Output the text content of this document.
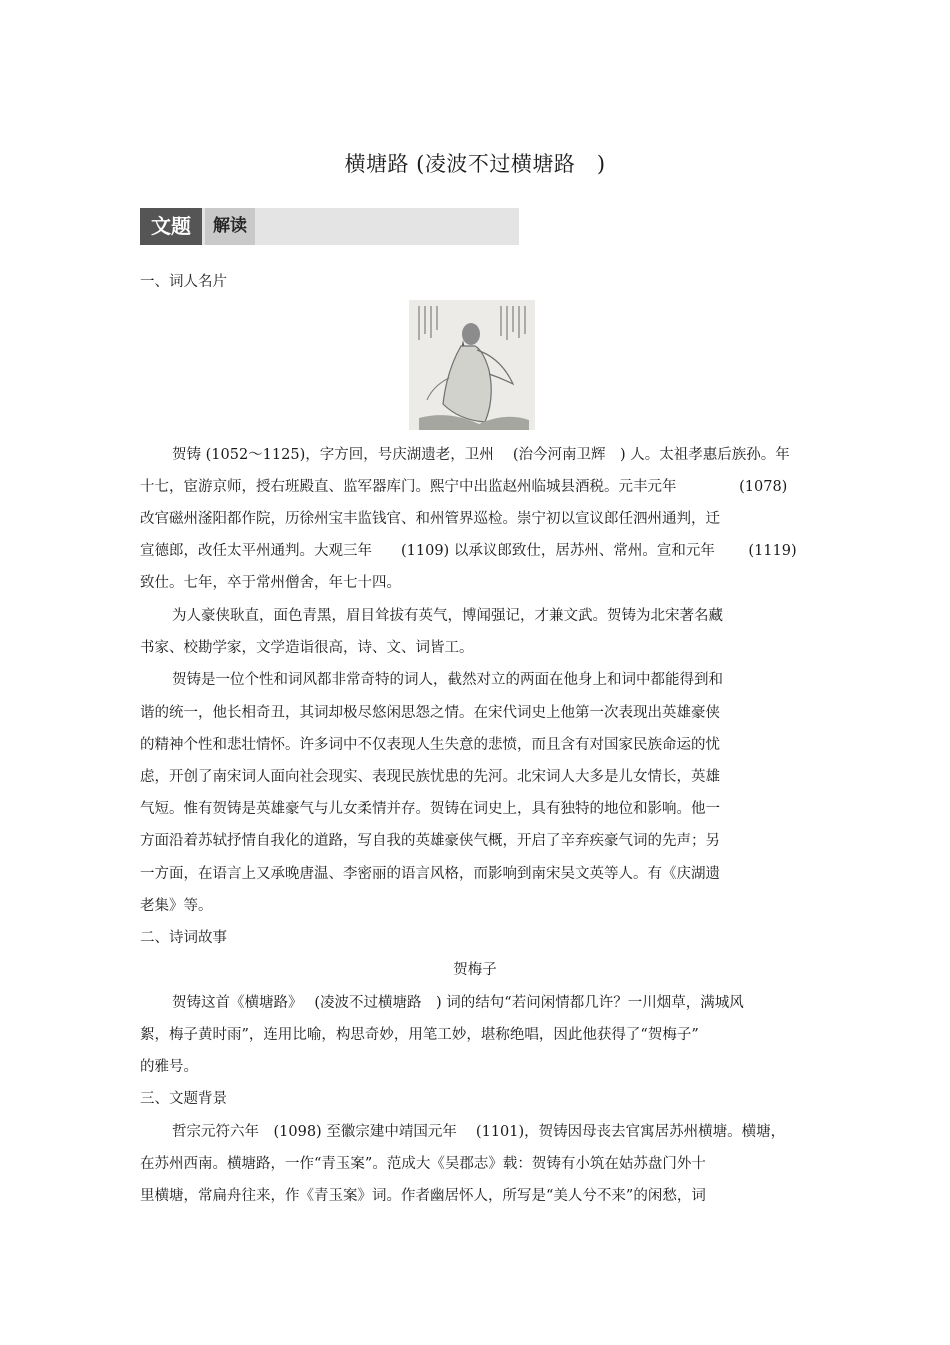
横塘路 (凌波不过横塘路　)
文题	解读
一、词人名片
贺铸 (1052～1125)，字方回，号庆湖遗老，卫州　 (治今河南卫辉　) 人。太祖孝惠后族孙。年
十七，宦游京师，授右班殿直、监军器库门。熙宁中出监赵州临城县酒税。元丰元年　　　　 (1078)
改官磁州滏阳都作院，历徐州宝丰监钱官、和州管界巡检。崇宁初以宣议郎任泗州通判，迁
宣德郎，改任太平州通判。大观三年　　(1109) 以承议郎致仕，居苏州、常州。宣和元年　　 (1119)
致仕。七年，卒于常州僧舍，年七十四。
为人豪侠耿直，面色青黑，眉目耸拔有英气，博闻强记，才兼文武。贺铸为北宋著名藏
书家、校勘学家，文学造诣很高，诗、文、词皆工。
贺铸是一位个性和词风都非常奇特的词人，截然对立的两面在他身上和词中都能得到和
谐的统一，他长相奇丑，其词却极尽悠闲思怨之情。在宋代词史上他第一次表现出英雄豪侠
的精神个性和悲壮情怀。许多词中不仅表现人生失意的悲愤，而且含有对国家民族命运的忧
虑，开创了南宋词人面向社会现实、表现民族忧患的先河。北宋词人大多是儿女情长，英雄
气短。惟有贺铸是英雄豪气与儿女柔情并存。贺铸在词史上，具有独特的地位和影响。他一
方面沿着苏轼抒情自我化的道路，写自我的英雄豪侠气概，开启了辛弃疾豪气词的先声；另
一方面，在语言上又承晚唐温、李密丽的语言风格，而影响到南宋吴文英等人。有《庆湖遗
老集》等。
二、诗词故事
贺梅子
贺铸这首《横塘路》　 (凌波不过横塘路　) 词的结句“若问闲情都几许？一川烟草，满城风
絮，梅子黄时雨”，连用比喻，构思奇妙，用笔工妙，堪称绝唱，因此他获得了“贺梅子”
的雅号。
三、文题背景
哲宗元符六年　(1098) 至徽宗建中靖国元年　 (1101)，贺铸因母丧去官寓居苏州横塘。横塘，
在苏州西南。横塘路，一作“青玉案”。范成大《吴郡志》载：贺铸有小筑在姑苏盘门外十
里横塘，常扁舟往来，作《青玉案》词。作者幽居怀人，所写是“美人兮不来”的闲愁，词
